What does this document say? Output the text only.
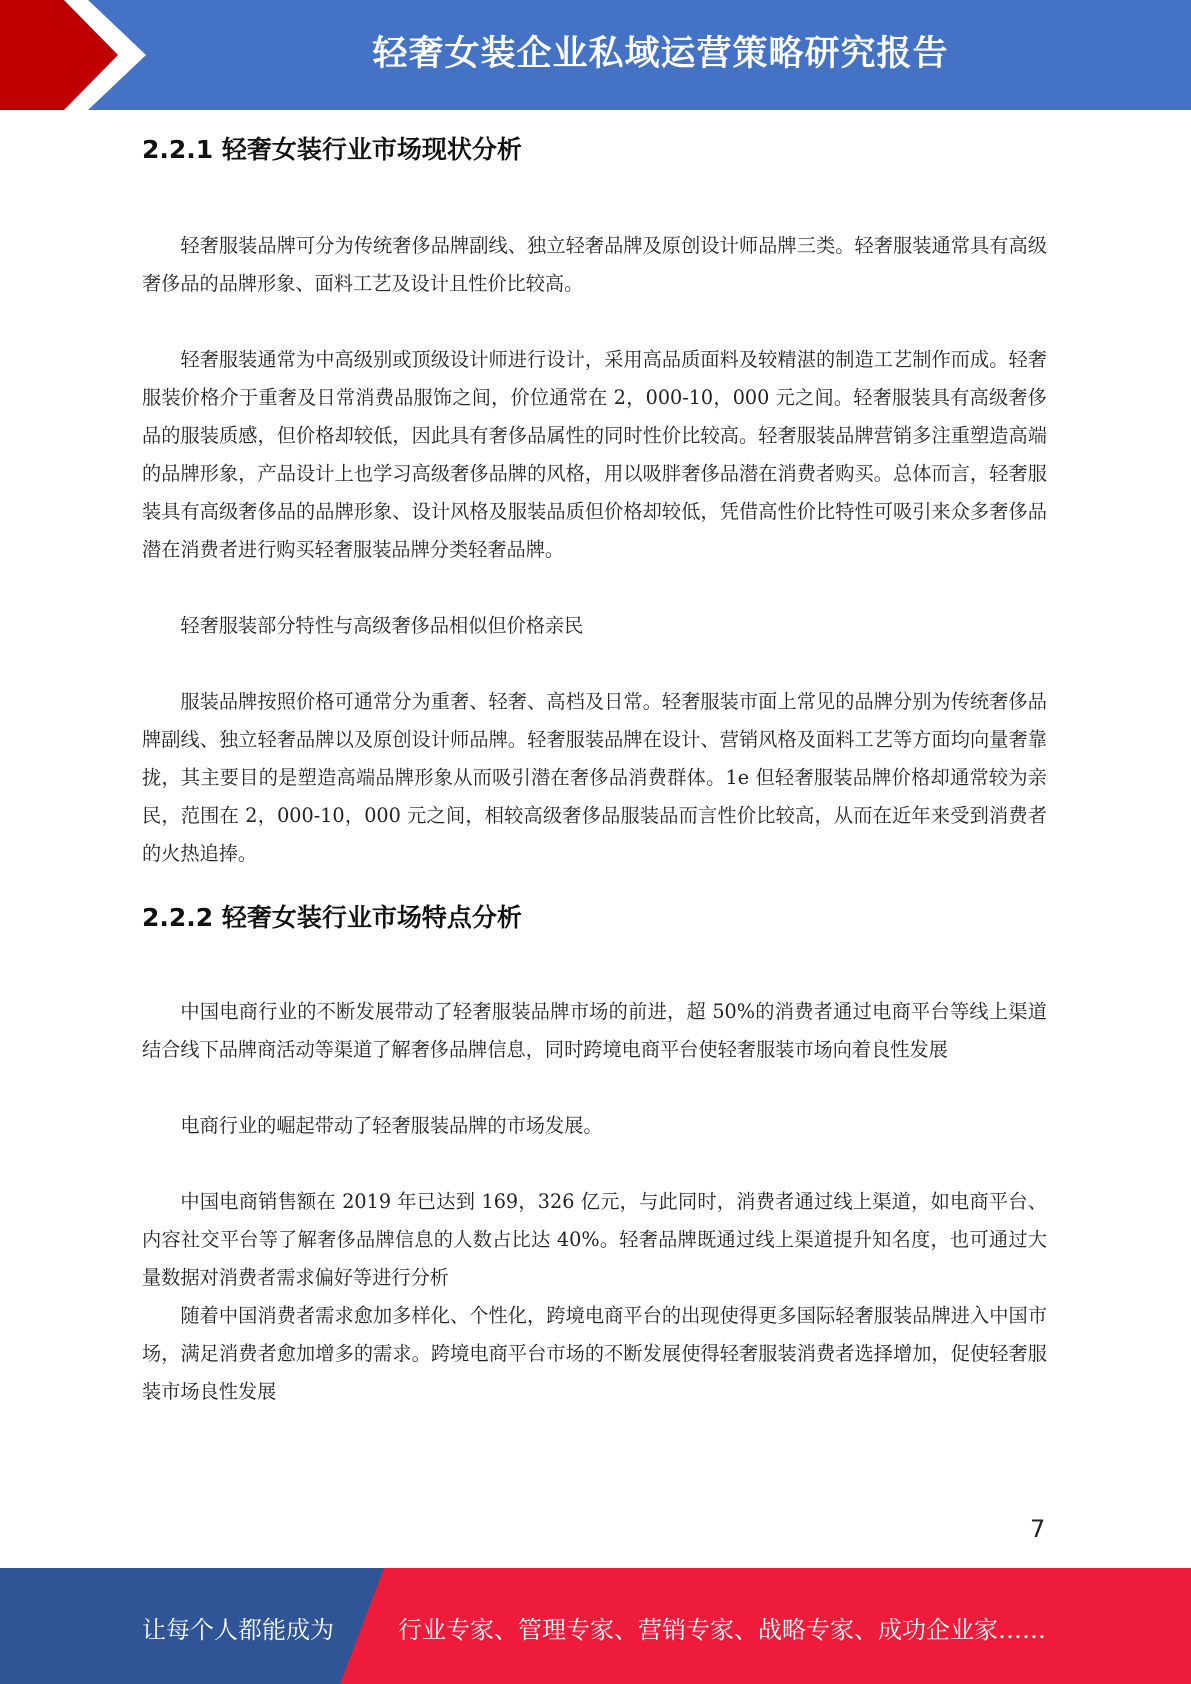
轻奢女装企业私域运营策略研究报告
2.2.1 轻奢女装行业市场现状分析

轻奢服装品牌可分为传统奢侈品牌副线、独立轻奢品牌及原创设计师品牌三类。轻奢服装通常具有高级奢侈品的品牌形象、面料工艺及设计且性价比较高。

轻奢服装通常为中高级别或顶级设计师进行设计，采用高品质面料及较精湛的制造工艺制作而成。轻奢服装价格介于重奢及日常消费品服饰之间，价位通常在 2，000-10，000 元之间。轻奢服装具有高级奢侈品的服装质感，但价格却较低，因此具有奢侈品属性的同时性价比较高。轻奢服装品牌营销多注重塑造高端的品牌形象，产品设计上也学习高级奢侈品牌的风格，用以吸胖奢侈品潜在消费者购买。总体而言，轻奢服装具有高级奢侈品的品牌形象、设计风格及服装品质但价格却较低，凭借高性价比特性可吸引来众多奢侈品潜在消费者进行购买轻奢服装品牌分类轻奢品牌。

轻奢服装部分特性与高级奢侈品相似但价格亲民

服装品牌按照价格可通常分为重奢、轻奢、高档及日常。轻奢服装市面上常见的品牌分别为传统奢侈品牌副线、独立轻奢品牌以及原创设计师品牌。轻奢服装品牌在设计、营销风格及面料工艺等方面均向量奢靠拢，其主要目的是塑造高端品牌形象从而吸引潜在奢侈品消费群体。1e 但轻奢服装品牌价格却通常较为亲民，范围在 2，000-10，000 元之间，相较高级奢侈品服装品而言性价比较高，从而在近年来受到消费者的火热追捧。

2.2.2 轻奢女装行业市场特点分析

中国电商行业的不断发展带动了轻奢服装品牌市场的前进，超 50%的消费者通过电商平台等线上渠道结合线下品牌商活动等渠道了解奢侈品牌信息，同时跨境电商平台使轻奢服装市场向着良性发展

电商行业的崛起带动了轻奢服装品牌的市场发展。

中国电商销售额在 2019 年已达到 169，326 亿元，与此同时，消费者通过线上渠道，如电商平台、内容社交平台等了解奢侈品牌信息的人数占比达 40%。轻奢品牌既通过线上渠道提升知名度，也可通过大量数据对消费者需求偏好等进行分析

随着中国消费者需求愈加多样化、个性化，跨境电商平台的出现使得更多国际轻奢服装品牌进入中国市场，满足消费者愈加增多的需求。跨境电商平台市场的不断发展使得轻奢服装消费者选择增加，促使轻奢服装市场良性发展

7
让每个人都能成为	行业专家、管理专家、营销专家、战略专家、成功企业家……
